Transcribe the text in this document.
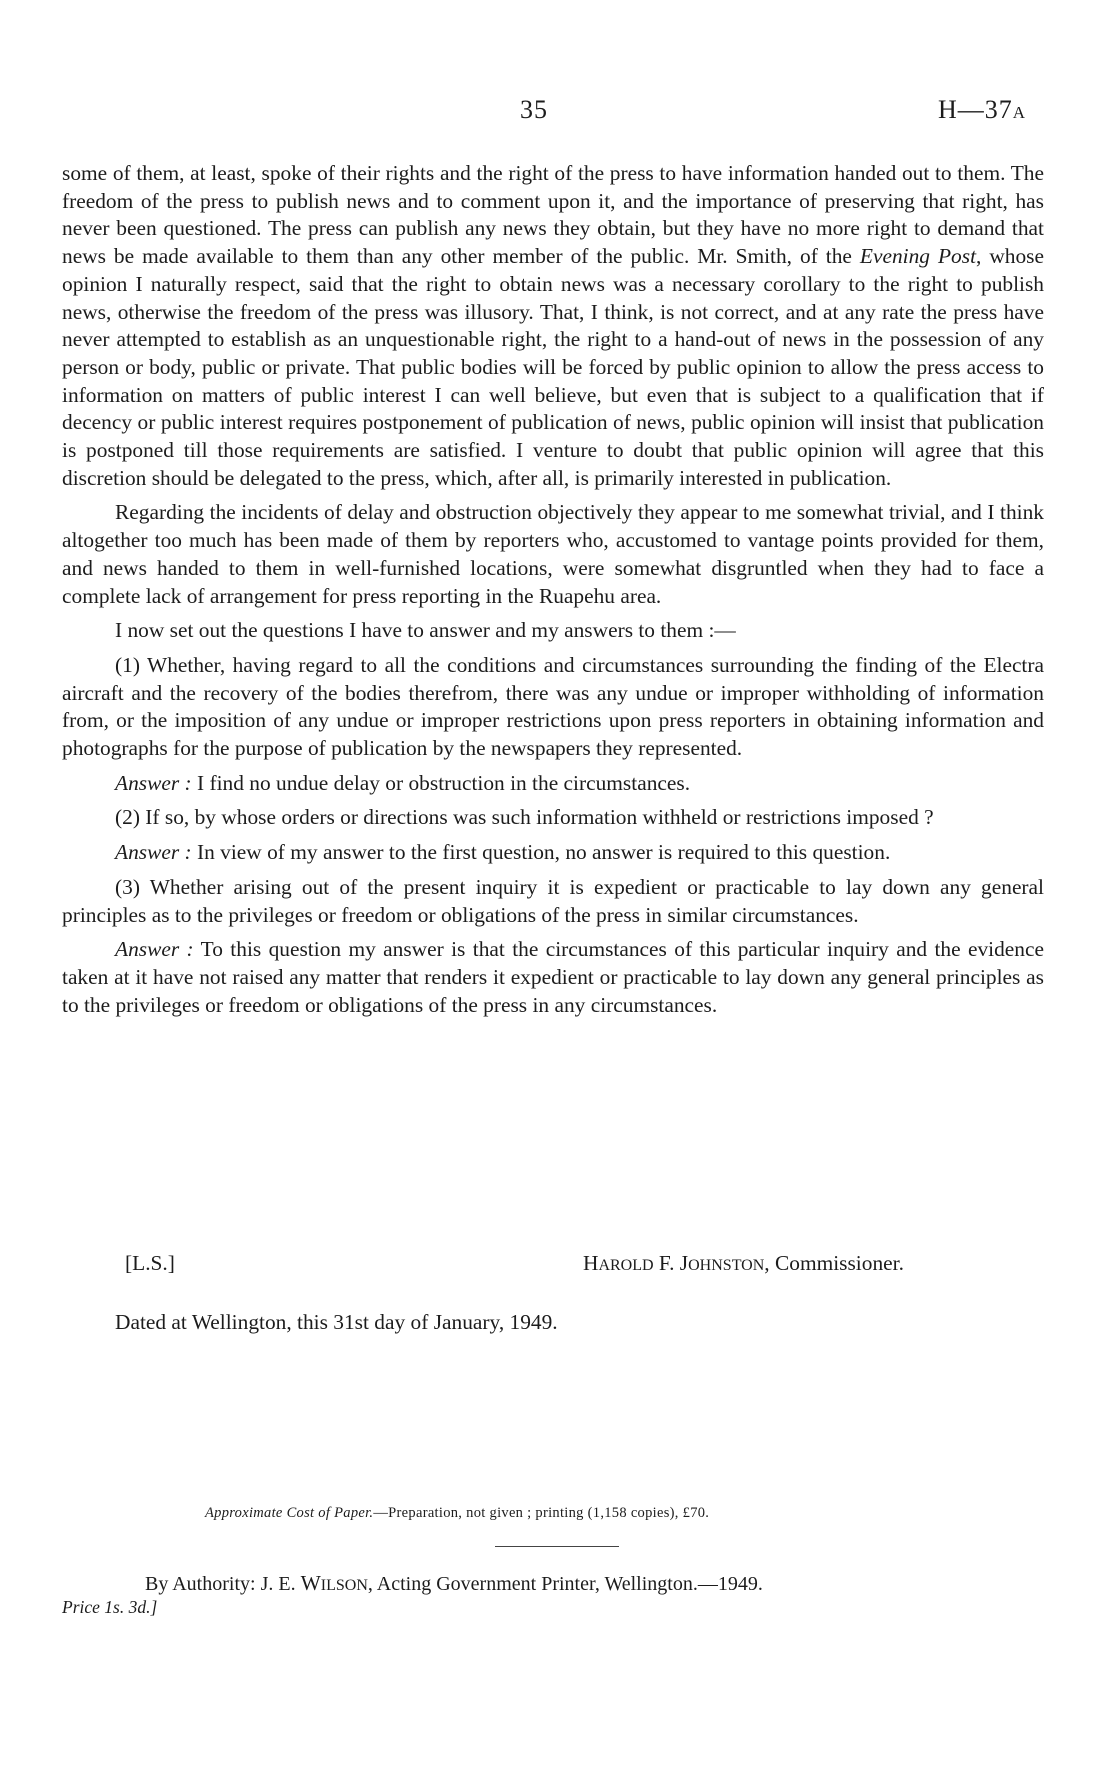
35	H—37A

some of them, at least, spoke of their rights and the right of the press to have information handed out to them. The freedom of the press to publish news and to comment upon it, and the importance of preserving that right, has never been questioned. The press can publish any news they obtain, but they have no more right to demand that news be made available to them than any other member of the public. Mr. Smith, of the Evening Post, whose opinion I naturally respect, said that the right to obtain news was a necessary corollary to the right to publish news, otherwise the freedom of the press was illusory. That, I think, is not correct, and at any rate the press have never attempted to establish as an unquestionable right, the right to a hand-out of news in the possession of any person or body, public or private. That public bodies will be forced by public opinion to allow the press access to information on matters of public interest I can well believe, but even that is subject to a qualification that if decency or public interest requires postponement of publication of news, public opinion will insist that publication is postponed till those requirements are satisfied. I venture to doubt that public opinion will agree that this discretion should be delegated to the press, which, after all, is primarily interested in publication.

Regarding the incidents of delay and obstruction objectively they appear to me somewhat trivial, and I think altogether too much has been made of them by reporters who, accustomed to vantage points provided for them, and news handed to them in well-furnished locations, were somewhat disgruntled when they had to face a complete lack of arrangement for press reporting in the Ruapehu area.

I now set out the questions I have to answer and my answers to them :—

(1) Whether, having regard to all the conditions and circumstances surrounding the finding of the Electra aircraft and the recovery of the bodies therefrom, there was any undue or improper withholding of information from, or the imposition of any undue or improper restrictions upon press reporters in obtaining information and photographs for the purpose of publication by the newspapers they represented.

Answer : I find no undue delay or obstruction in the circumstances.

(2) If so, by whose orders or directions was such information withheld or restrictions imposed ?

Answer : In view of my answer to the first question, no answer is required to this question.

(3) Whether arising out of the present inquiry it is expedient or practicable to lay down any general principles as to the privileges or freedom or obligations of the press in similar circumstances.

Answer : To this question my answer is that the circumstances of this particular inquiry and the evidence taken at it have not raised any matter that renders it expedient or practicable to lay down any general principles as to the privileges or freedom or obligations of the press in any circumstances.

[L.S.]	HAROLD F. JOHNSTON, Commissioner.
Dated at Wellington, this 31st day of January, 1949.
Approximate Cost of Paper.—Preparation, not given ; printing (1,158 copies), £70.
By Authority: J. E. WILSON, Acting Government Printer, Wellington.—1949.
Price 1s. 3d.]
